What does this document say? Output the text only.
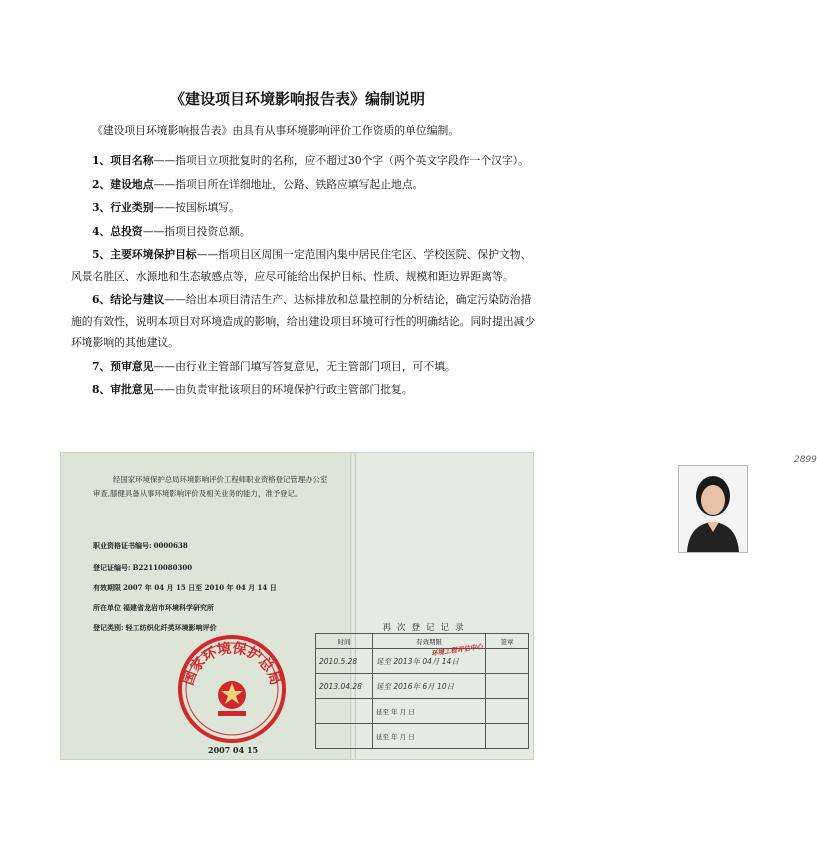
《建设项目环境影响报告表》编制说明
《建设项目环境影响报告表》由具有从事环境影响评价工作资质的单位编制。

1、项目名称——指项目立项批复时的名称，应不超过30个字（两个英文字段作一个汉字）。

2、建设地点——指项目所在详细地址，公路、铁路应填写起止地点。

3、行业类别——按国标填写。

4、总投资——指项目投资总额。

5、主要环境保护目标——指项目区周围一定范围内集中居民住宅区、学校医院、保护文物、风景名胜区、水源地和生态敏感点等，应尽可能给出保护目标、性质、规模和距边界距离等。

6、结论与建议——给出本项目清洁生产、达标排放和总量控制的分析结论，确定污染防治措施的有效性，说明本项目对环境造成的影响，给出建设项目环境可行性的明确结论。同时提出减少环境影响的其他建议。

7、预审意见——由行业主管部门填写答复意见，无主管部门项目，可不填。

8、审批意见——由负责审批该项目的环境保护行政主管部门批复。

经国家环境保护总局环境影响评价工程师职业资格登记管理办公室审查,膝健具备从事环境影响评价及相关业务的能力，准予登记。
职业资格证书编号: 0000638
登记证编号: B22110080300
有效期限 2007 年 04 月 15 日至 2010 年 04 月 14 日
所在单位 福建省龙岩市环境科学研究所
登记类别: 轻工纺织化纤类环境影响评价
国家环境保护总局
2007 04 15
2899
再次登记记录
时间	有效期限	签章
2010.5.28	延至 2013年 04月 14日
环境工程评估中心	

2013.04.28	延至 2016年 6月 10日	
	延至 年 月 日	
	延至 年 月 日	
